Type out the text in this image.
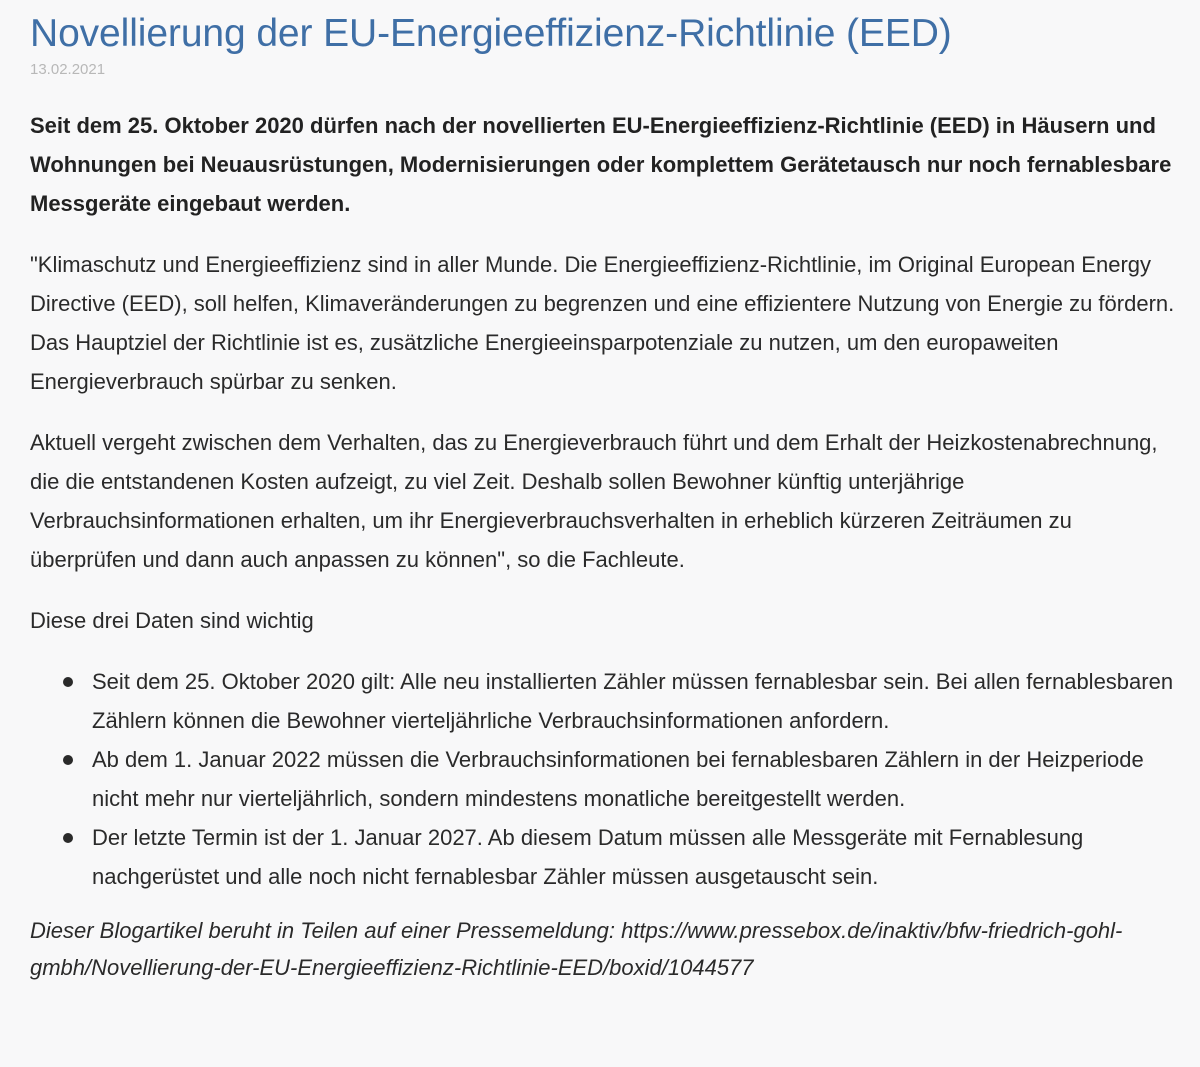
Novellierung der EU-Energieeffizienz-Richtlinie (EED)
13.02.2021

Seit dem 25. Oktober 2020 dürfen nach der novellierten EU-Energieeffizienz-Richtlinie (EED) in Häusern und Wohnungen bei Neuausrüstungen, Modernisierungen oder komplettem Gerätetausch nur noch fernablesbare Messgeräte eingebaut werden.

"Klimaschutz und Energieeffizienz sind in aller Munde. Die Energieeffizienz-Richtlinie, im Original European Energy Directive (EED), soll helfen, Klimaveränderungen zu begrenzen und eine effizientere Nutzung von Energie zu fördern. Das Hauptziel der Richtlinie ist es, zusätzliche Energieeinsparpotenziale zu nutzen, um den europaweiten Energieverbrauch spürbar zu senken.

Aktuell vergeht zwischen dem Verhalten, das zu Energieverbrauch führt und dem Erhalt der Heizkostenabrechnung, die die entstandenen Kosten aufzeigt, zu viel Zeit. Deshalb sollen Bewohner künftig unterjährige Verbrauchsinformationen erhalten, um ihr Energieverbrauchsverhalten in erheblich kürzeren Zeiträumen zu überprüfen und dann auch anpassen zu können", so die Fachleute.

Diese drei Daten sind wichtig

Seit dem 25. Oktober 2020 gilt: Alle neu installierten Zähler müssen fernablesbar sein. Bei allen fernablesbaren Zählern können die Bewohner vierteljährliche Verbrauchsinformationen anfordern.
Ab dem 1. Januar 2022 müssen die Verbrauchsinformationen bei fernablesbaren Zählern in der Heizperiode nicht mehr nur vierteljährlich, sondern mindestens monatliche bereitgestellt werden.
Der letzte Termin ist der 1. Januar 2027. Ab diesem Datum müssen alle Messgeräte mit Fernablesung nachgerüstet und alle noch nicht fernablesbar Zähler müssen ausgetauscht sein.

Dieser Blogartikel beruht in Teilen auf einer Pressemeldung: https://www.pressebox.de/inaktiv/bfw-friedrich-gohl-gmbh/Novellierung-der-EU-Energieeffizienz-Richtlinie-EED/boxid/1044577
